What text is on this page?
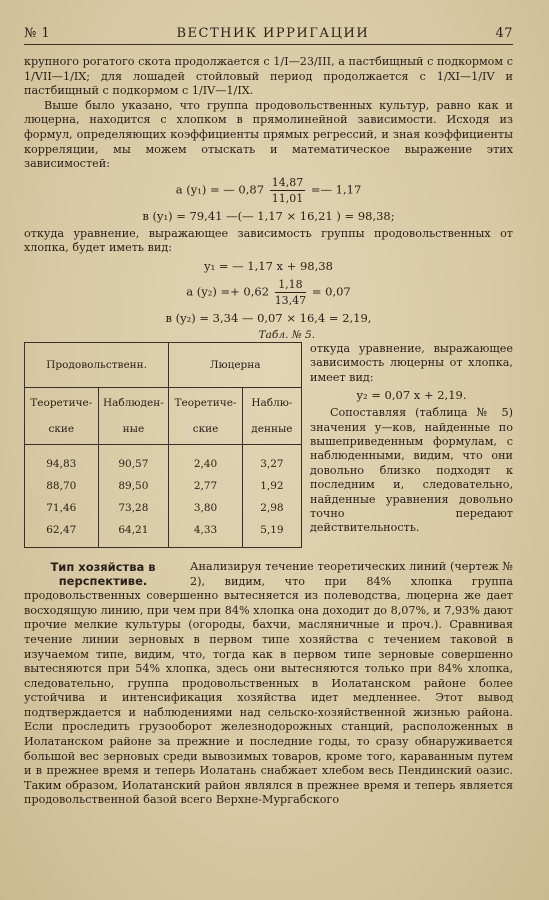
№ 1	ВЕСТНИК ИРРИГАЦИИ	47

крупного рогатого скота продолжается с 1/I—23/III, а пастбищный с подкормом с 1/VII—1/IX; для лошадей стойловый период продолжается с 1/XI—1/IV и пастбищный с подкормом с 1/IV—1/IX.

Выше было указано, что группа продовольственных культур, равно как и люцерна, находится с хлопком в прямолинейной зависимости. Исходя из формул, определяющих коэффициенты прямых регрессий, и зная коэффициенты корреляции, мы можем отыскать и математическое выражение этих зависимостей:

a (y₁) = — $0,87 \frac{14,87}{11,01}$ =— 1,17
в (y₁) = 79,41 —(— 1,17 × 16,21 ) = 98,38;

откуда уравнение, выражающее зависимость группы продовольственных от хлопка, будет иметь вид:

y₁ = — 1,17 x + 98,38
a $(y_2) =+ 0,62 \frac{1,18}{13,47} = 0,07$
в (y₂) = 3,34 — 0,07 × 16,4 = 2,19,
Табл. № 5.
Продовольственн.		Люцерна	
Теоретиче-ские	Наблюден-ные	Теоретиче-ские	Наблю-денные
94,83	90,57	2,40	3,27
88,70	89,50	2,77	1,92
71,46	73,28	3,80	2,98
62,47	64,21	4,33	5,19

откуда уравнение, выражающее зависимость люцерны от хлопка, имеет вид:

y₂ = 0,07 x + 2,19.

Сопоставляя (таблица № 5) значения y—ков, найденные по вышеприведенным формулам, с наблюденными, видим, что они довольно близко подходят к последним и, следовательно, найденные уравнения довольно точно передают действительность.

Тип хозяйства в перспективе.

Анализируя течение теоретических линий (чертеж № 2), видим, что при 84% хлопка группа продовольственных совершенно вытесняется из полеводства, люцерна же дает восходящую линию, при чем при 84% хлопка она доходит до 8,07%, и 7,93% дают прочие мелкие культуры (огороды, бахчи, масляничные и проч.). Сравнивая течение линии зерновых в первом типе хозяйства с течением таковой в изучаемом типе, видим, что, тогда как в первом типе зерновые совершенно вытесняются при 54% хлопка, здесь они вытесняются только при 84% хлопка, следовательно, группа продовольственных в Иолатанском районе более устойчива и интенсификация хозяйства идет медленнее. Этот вывод подтверждается и наблюдениями над сельско-хозяйственной жизнью района. Если проследить грузооборот железнодорожных станций, расположенных в Иолатанском районе за прежние и последние годы, то сразу обнаруживается большой вес зерновых среди вывозимых товаров, кроме того, караванным путем и в прежнее время и теперь Иолатань снабжает хлебом весь Пендинский оазис. Таким образом, Иолатанский район являлся в прежнее время и теперь является продовольственной базой всего Верхне-Мургабского
